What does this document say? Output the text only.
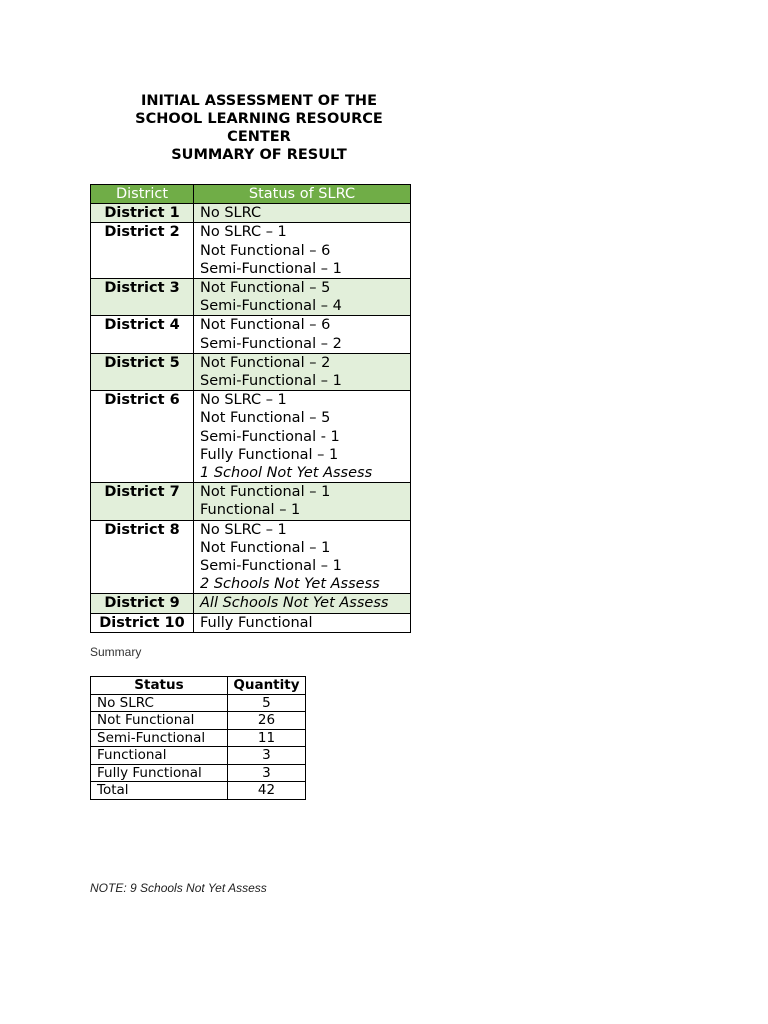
INITIAL ASSESSMENT OF THE
SCHOOL LEARNING RESOURCE
CENTER
SUMMARY OF RESULT
District	Status of SLRC
District 1	No SLRC

District 2	No SLRC – 1
Not Functional – 6
Semi-Functional – 1

District 3	Not Functional – 5
Semi-Functional – 4

District 4	Not Functional – 6
Semi-Functional – 2

District 5	Not Functional – 2
Semi-Functional – 1

District 6	No SLRC – 1
Not Functional – 5
Semi-Functional - 1
Fully Functional – 1
1 School Not Yet Assess

District 7	Not Functional – 1
Functional – 1

District 8	No SLRC – 1
Not Functional – 1
Semi-Functional – 1
2 Schools Not Yet Assess

District 9	All Schools Not Yet Assess

District 10	Fully Functional
Summary
Status	Quantity
No SLRC	5
Not Functional	26
Semi-Functional	11
Functional	3
Fully Functional	3
Total	42
NOTE: 9 Schools Not Yet Assess
